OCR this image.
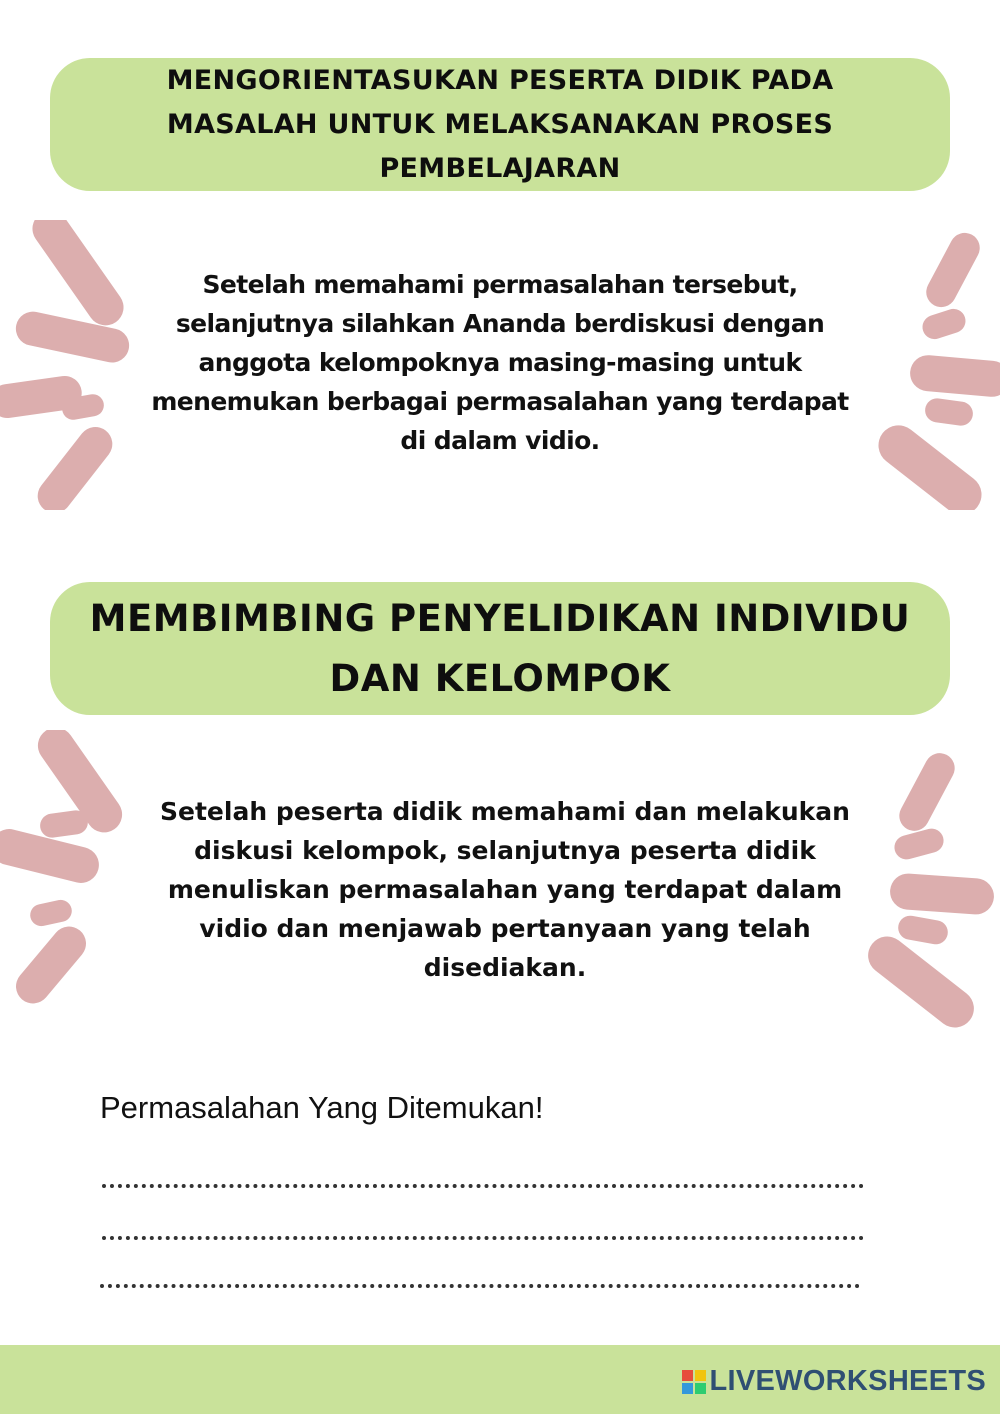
MENGORIENTASUKAN PESERTA DIDIK PADA MASALAH UNTUK MELAKSANAKAN PROSES PEMBELAJARAN

Setelah memahami permasalahan tersebut, selanjutnya silahkan Ananda berdiskusi dengan anggota kelompoknya masing-masing untuk menemukan berbagai permasalahan yang terdapat di dalam vidio.

MEMBIMBING PENYELIDIKAN INDIVIDU DAN KELOMPOK

Setelah peserta didik memahami dan melakukan diskusi kelompok, selanjutnya peserta didik menuliskan permasalahan yang terdapat dalam vidio dan menjawab pertanyaan yang telah disediakan.

Permasalahan Yang Ditemukan!
LIVEWORKSHEETS
